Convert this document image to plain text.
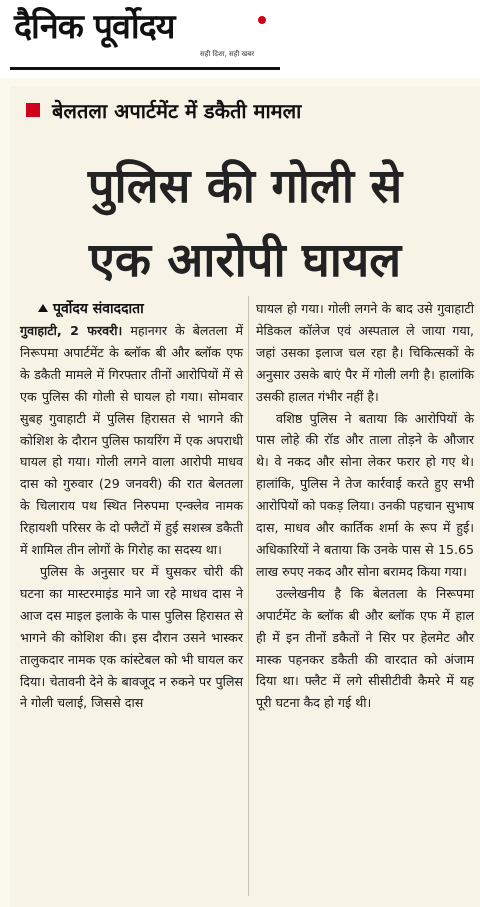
दैनिक पूर्वोदय
सही दिशा, सही खबर
बेलतला अपार्टमेंट में डकैती मामला
पुलिस की गोली से
एक आरोपी घायल
पूर्वोदय संवाददाता

गुवाहाटी, 2 फरवरी। महानगर के बेलतला में निरूपमा अपार्टमेंट के ब्लॉक बी और ब्लॉक एफ के डकैती मामले में गिरफ्तार तीनों आरोपियों में से एक पुलिस की गोली से घायल हो गया। सोमवार सुबह गुवाहाटी में पुलिस हिरासत से भागने की कोशिश के दौरान पुलिस फायरिंग में एक अपराधी घायल हो गया। गोली लगने वाला आरोपी माधव दास को गुरुवार (29 जनवरी) की रात बेलतला के चिलाराय पथ स्थित निरुपमा एन्क्लेव नामक रिहायशी परिसर के दो फ्लैटों में हुई सशस्त्र डकैती में शामिल तीन लोगों के गिरोह का सदस्य था।

पुलिस के अनुसार घर में घुसकर चोरी की घटना का मास्टरमाइंड माने जा रहे माधव दास ने आज दस माइल इलाके के पास पुलिस हिरासत से भागने की कोशिश की। इस दौरान उसने भास्कर तालुकदार नामक एक कांस्टेबल को भी घायल कर दिया। चेतावनी देने के बावजूद न रुकने पर पुलिस ने गोली चलाई, जिससे दास

घायल हो गया। गोली लगने के बाद उसे गुवाहाटी मेडिकल कॉलेज एवं अस्पताल ले जाया गया, जहां उसका इलाज चल रहा है। चिकित्सकों के अनुसार उसके बाएं पैर में गोली लगी है। हालांकि उसकी हालत गंभीर नहीं है।

वशिष्ठ पुलिस ने बताया कि आरोपियों के पास लोहे की रॉड और ताला तोड़ने के औजार थे। वे नकद और सोना लेकर फरार हो गए थे। हालांकि, पुलिस ने तेज कार्रवाई करते हुए सभी आरोपियों को पकड़ लिया। उनकी पहचान सुभाष दास, माधव और कार्तिक शर्मा के रूप में हुई। अधिकारियों ने बताया कि उनके पास से 15.65 लाख रुपए नकद और सोना बरामद किया गया।

उल्लेखनीय है कि बेलतला के निरूपमा अपार्टमेंट के ब्लॉक बी और ब्लॉक एफ में हाल ही में इन तीनों डकैतों ने सिर पर हेलमेट और मास्क पहनकर डकैती की वारदात को अंजाम दिया था। फ्लैट में लगे सीसीटीवी कैमरे में यह पूरी घटना कैद हो गई थी।
